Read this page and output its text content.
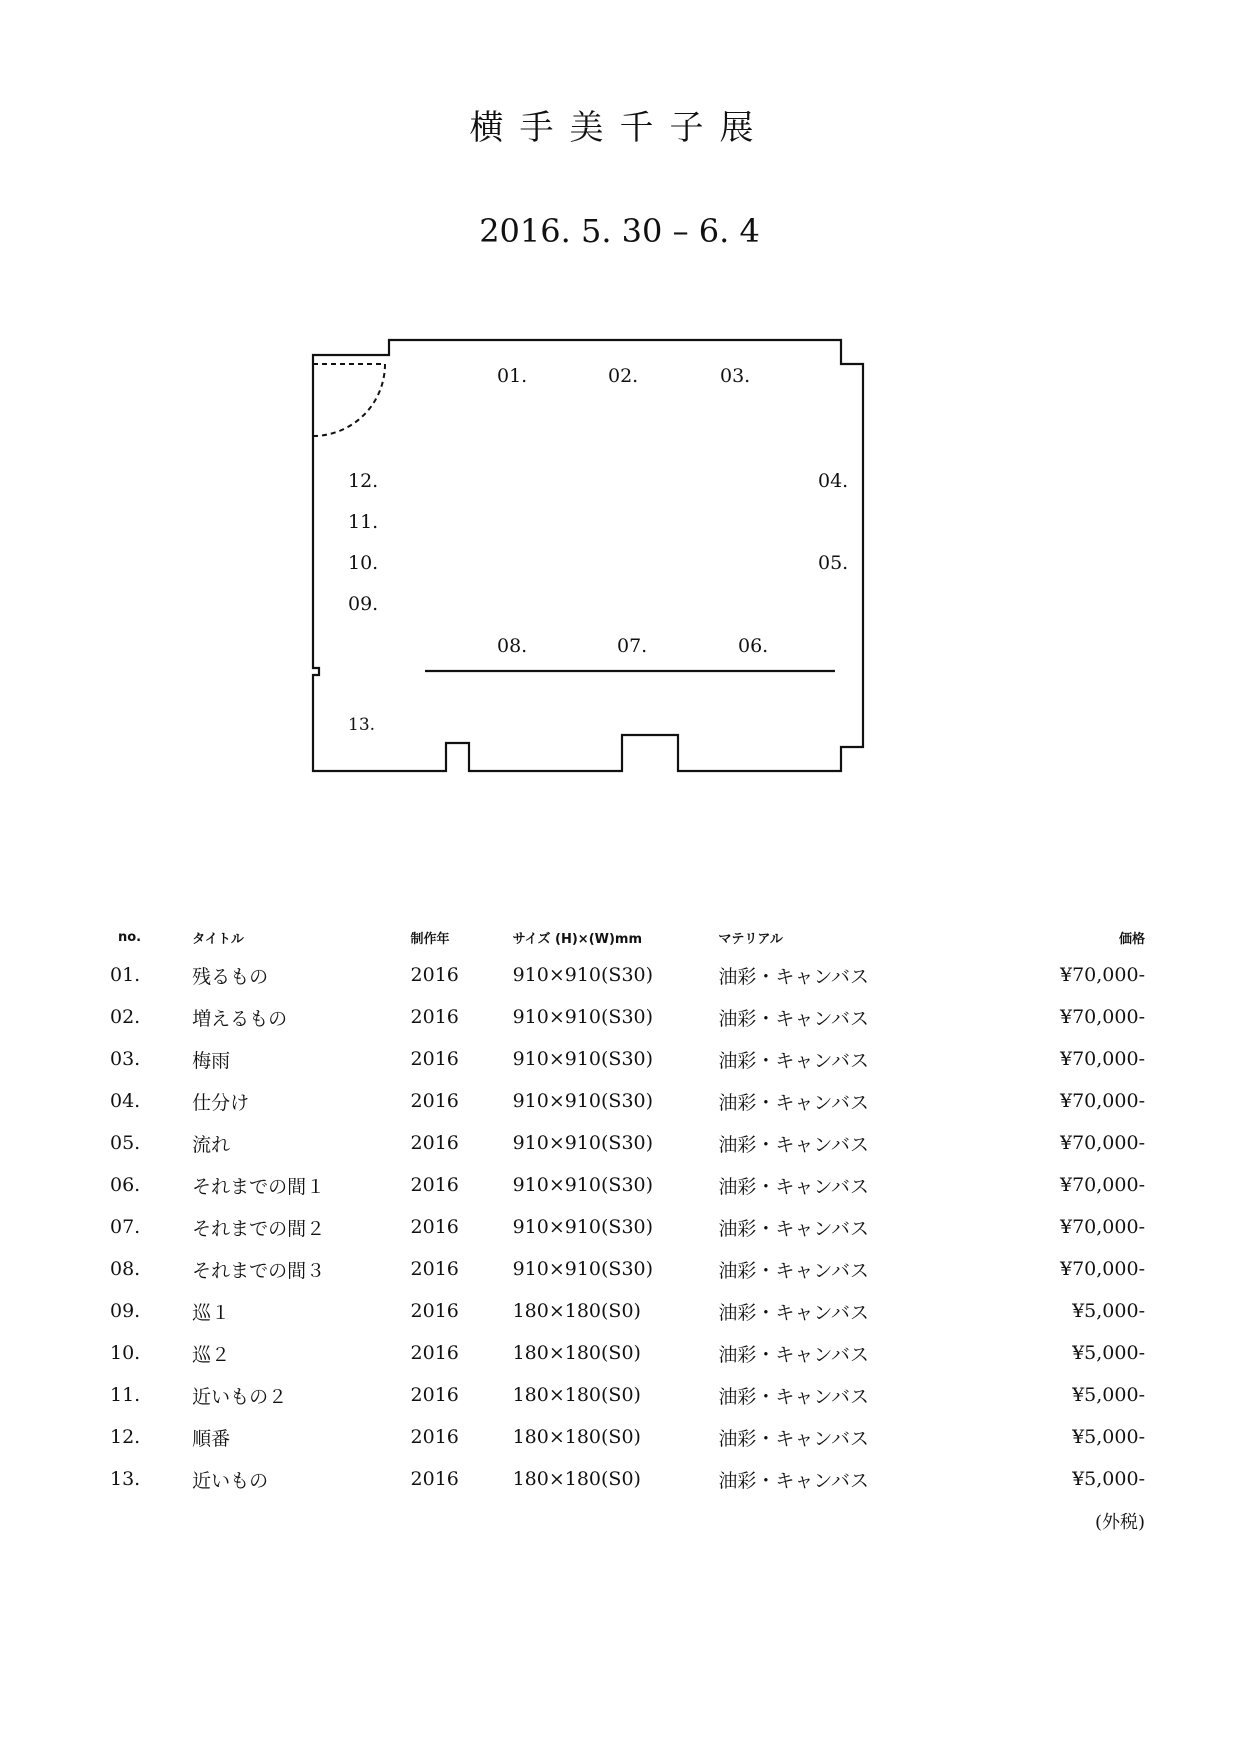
横手美千子展
2016. 5. 30 – 6. 4
01.	02.	03.
04.
05.
06.
07.
08.
09.
10.
11.
12.
13.
no.	タイトル	制作年	サイズ (H)×(W)mm	マテリアル	価格
01.	残るもの	2016	910×910(S30)	油彩・キャンバス	¥70,000-
02.	増えるもの	2016	910×910(S30)	油彩・キャンバス	¥70,000-
03.	梅雨	2016	910×910(S30)	油彩・キャンバス	¥70,000-
04.	仕分け	2016	910×910(S30)	油彩・キャンバス	¥70,000-
05.	流れ	2016	910×910(S30)	油彩・キャンバス	¥70,000-
06.	それまでの間１	2016	910×910(S30)	油彩・キャンバス	¥70,000-
07.	それまでの間２	2016	910×910(S30)	油彩・キャンバス	¥70,000-
08.	それまでの間３	2016	910×910(S30)	油彩・キャンバス	¥70,000-
09.	巡１	2016	180×180(S0)	油彩・キャンバス	¥5,000-
10.	巡２	2016	180×180(S0)	油彩・キャンバス	¥5,000-
11.	近いもの２	2016	180×180(S0)	油彩・キャンバス	¥5,000-
12.	順番	2016	180×180(S0)	油彩・キャンバス	¥5,000-
13.	近いもの	2016	180×180(S0)	油彩・キャンバス	¥5,000-
(外税)
